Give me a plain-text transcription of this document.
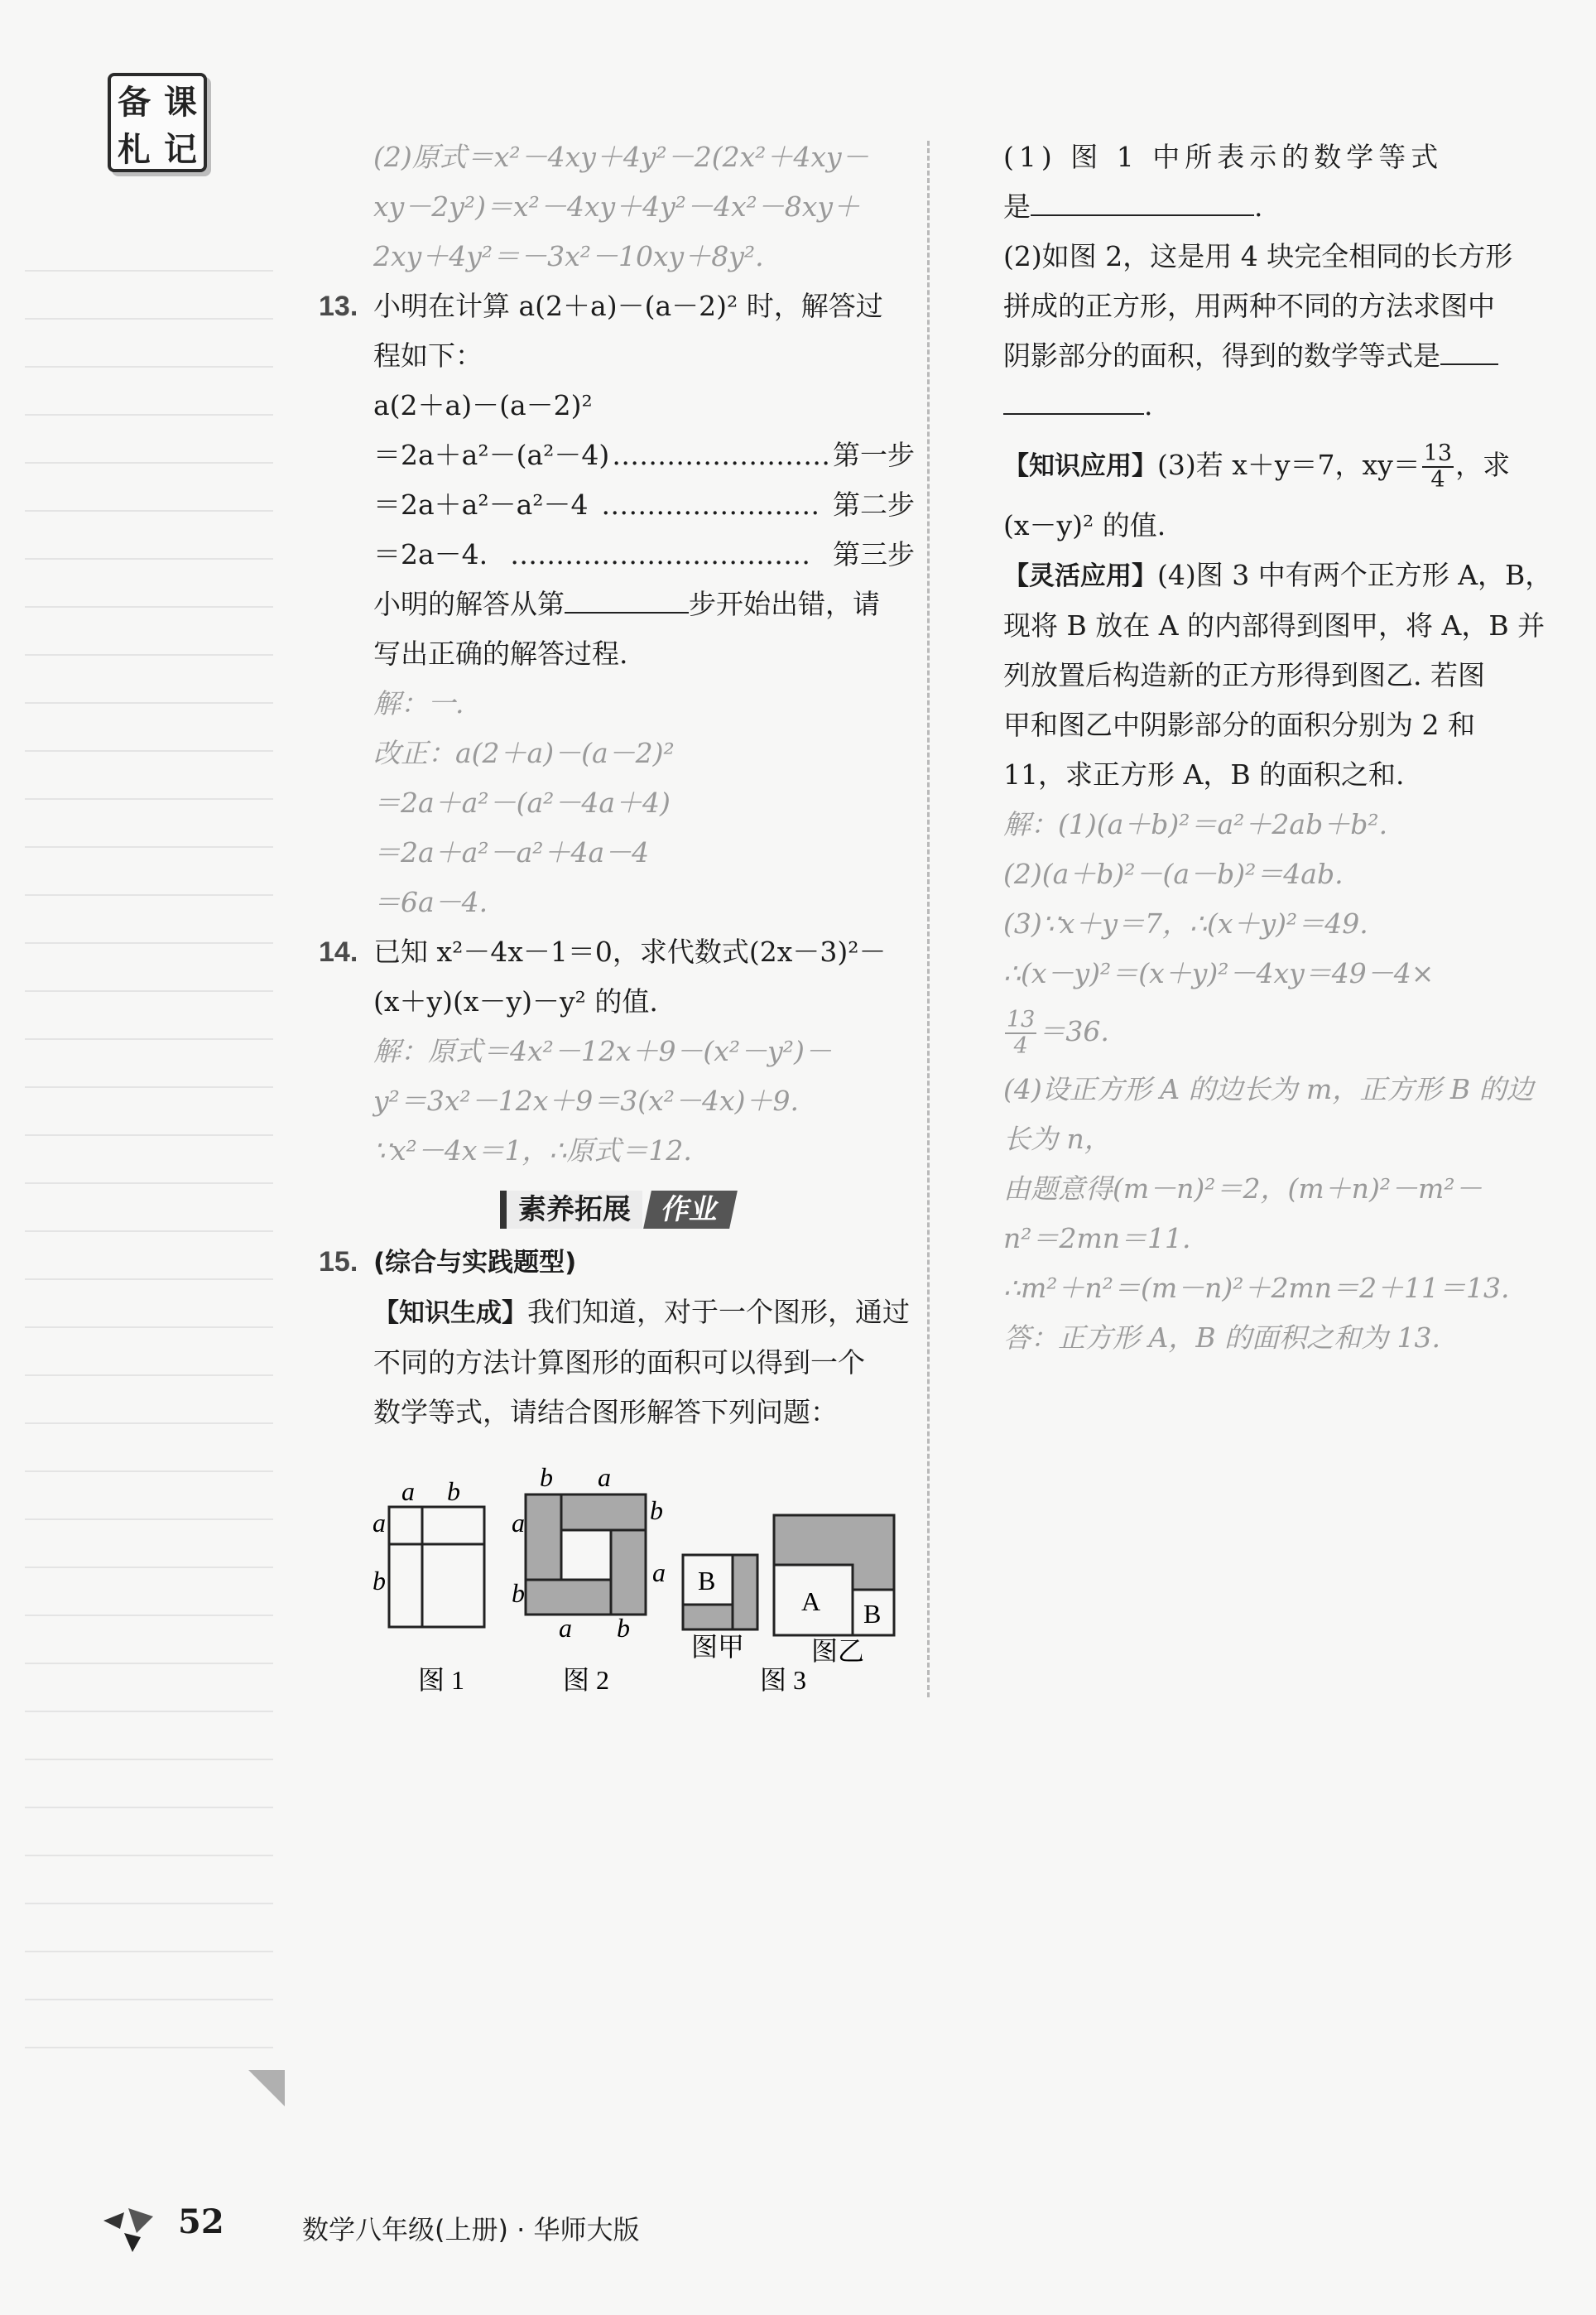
备 课
札 记	(2)原式＝x²－4xy＋4y²－2(2x²＋4xy－

xy－2y²)＝x²－4xy＋4y²－4x²－8xy＋

2xy＋4y²＝－3x²－10xy＋8y².

13. 小明在计算 a(2＋a)－(a－2)² 时，解答过

程如下：

a(2＋a)－(a－2)²

＝2a＋a²－(a²－4) …………………… 第一步
＝2a＋a²－a²－4 …………………… 第二步
＝2a－4. …………………………… 第三步

小明的解答从第	步开始出错，请

写出正确的解答过程.

解：一.

改正：a(2＋a)－(a－2)²

＝2a＋a²－(a²－4a＋4)

＝2a＋a²－a²＋4a－4

＝6a－4.

14. 已知 x²－4x－1＝0，求代数式(2x－3)²－

(x＋y)(x－y)－y² 的值.

解：原式＝4x²－12x＋9－(x²－y²)－

y²＝3x²－12x＋9＝3(x²－4x)＋9.

∵x²－4x＝1，∴原式＝12.

素养拓展 作业

15. (综合与实践题型)

【知识生成】我们知道，对于一个图形，通过

不同的方法计算图形的面积可以得到一个

数学等式，请结合图形解答下列问题：

a b
a
b
图 1
b a
b
a
a
b
a b
图 2
B
图甲
A B
图乙
图 3

(1) 图 1 中所表示的数学等式

是	.

(2)如图 2，这是用 4 块完全相同的长方形

拼成的正方形，用两种不同的方法求图中

阴影部分的面积，得到的数学等式是

.

【知识应用】(3)若 x＋y＝7，$xy= \frac{13}{4}$ ，求

(x－y)² 的值.

【灵活应用】(4)图 3 中有两个正方形 A，B，

现将 B 放在 A 的内部得到图甲，将 A，B 并

列放置后构造新的正方形得到图乙. 若图

甲和图乙中阴影部分的面积分别为 2 和

11，求正方形 A，B 的面积之和.

解：(1)(a＋b)²＝a²＋2ab＋b².

(2)(a＋b)²－(a－b)²＝4ab.

(3)∵x＋y＝7，∴(x＋y)²＝49.

∴(x－y)²＝(x＋y)²－4xy＝49－4×

$\frac{13}{4} =36$.

(4)设正方形 A 的边长为 m，正方形 B 的边

长为 n，

由题意得(m－n)²＝2，(m＋n)²－m²－

n²＝2mn＝11.

∴m²＋n²＝(m－n)²＋2mn＝2＋11＝13.

答：正方形 A，B 的面积之和为 13.

52	数学八年级(上册) · 华师大版
